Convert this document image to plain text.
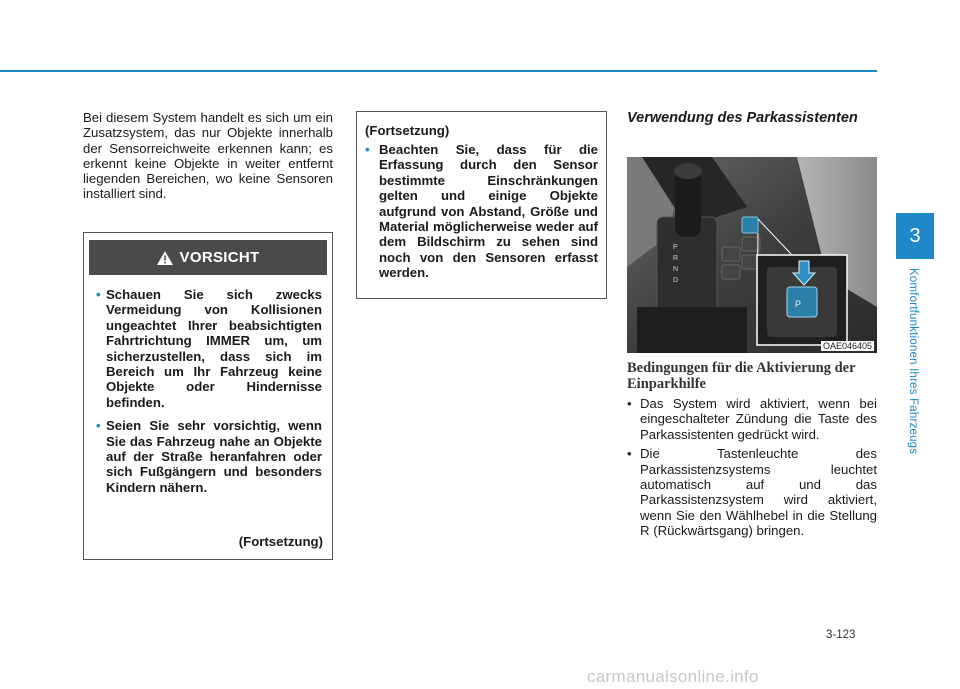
Bei diesem System handelt es sich um ein Zusatzsystem, das nur Objekte innerhalb der Sensorreichweite erkennen kann; es erkennt keine Objekte in weiter entfernt liegenden Bereichen, wo keine Sensoren installiert sind.

VORSICHT
• Schauen Sie sich zwecks Vermeidung von Kollisionen ungeachtet Ihrer beabsichtigten Fahrtrichtung IMMER um, um sicherzustellen, dass sich im Bereich um Ihr Fahrzeug keine Objekte oder Hindernisse befinden.
• Seien Sie sehr vorsichtig, wenn Sie das Fahrzeug nahe an Objekte auf der Straße heranfahren oder sich Fußgängern und besonders Kindern nähern.
(Fortsetzung)
(Fortsetzung)
• Beachten Sie, dass für die Erfassung durch den Sensor bestimmte Einschränkungen gelten und einige Objekte aufgrund von Abstand, Größe und Material möglicherweise weder auf dem Bildschirm zu sehen sind noch von den Sensoren erfasst werden.
Verwendung des Parkassistenten
P
R
N
D
P
OAE046405
Bedingungen für die Aktivierung der Einparkhilfe
• Das System wird aktiviert, wenn bei eingeschalteter Zündung die Taste des Parkassistenten gedrückt wird.
• Die Tastenleuchte des Parkassistenzsystems leuchtet automatisch auf und das Parkassistenzsystem wird aktiviert, wenn Sie den Wählhebel in die Stellung R (Rückwärtsgang) bringen.
3
Komfortfunktionen Ihres Fahrzeugs
3-123
carmanualsonline.info
